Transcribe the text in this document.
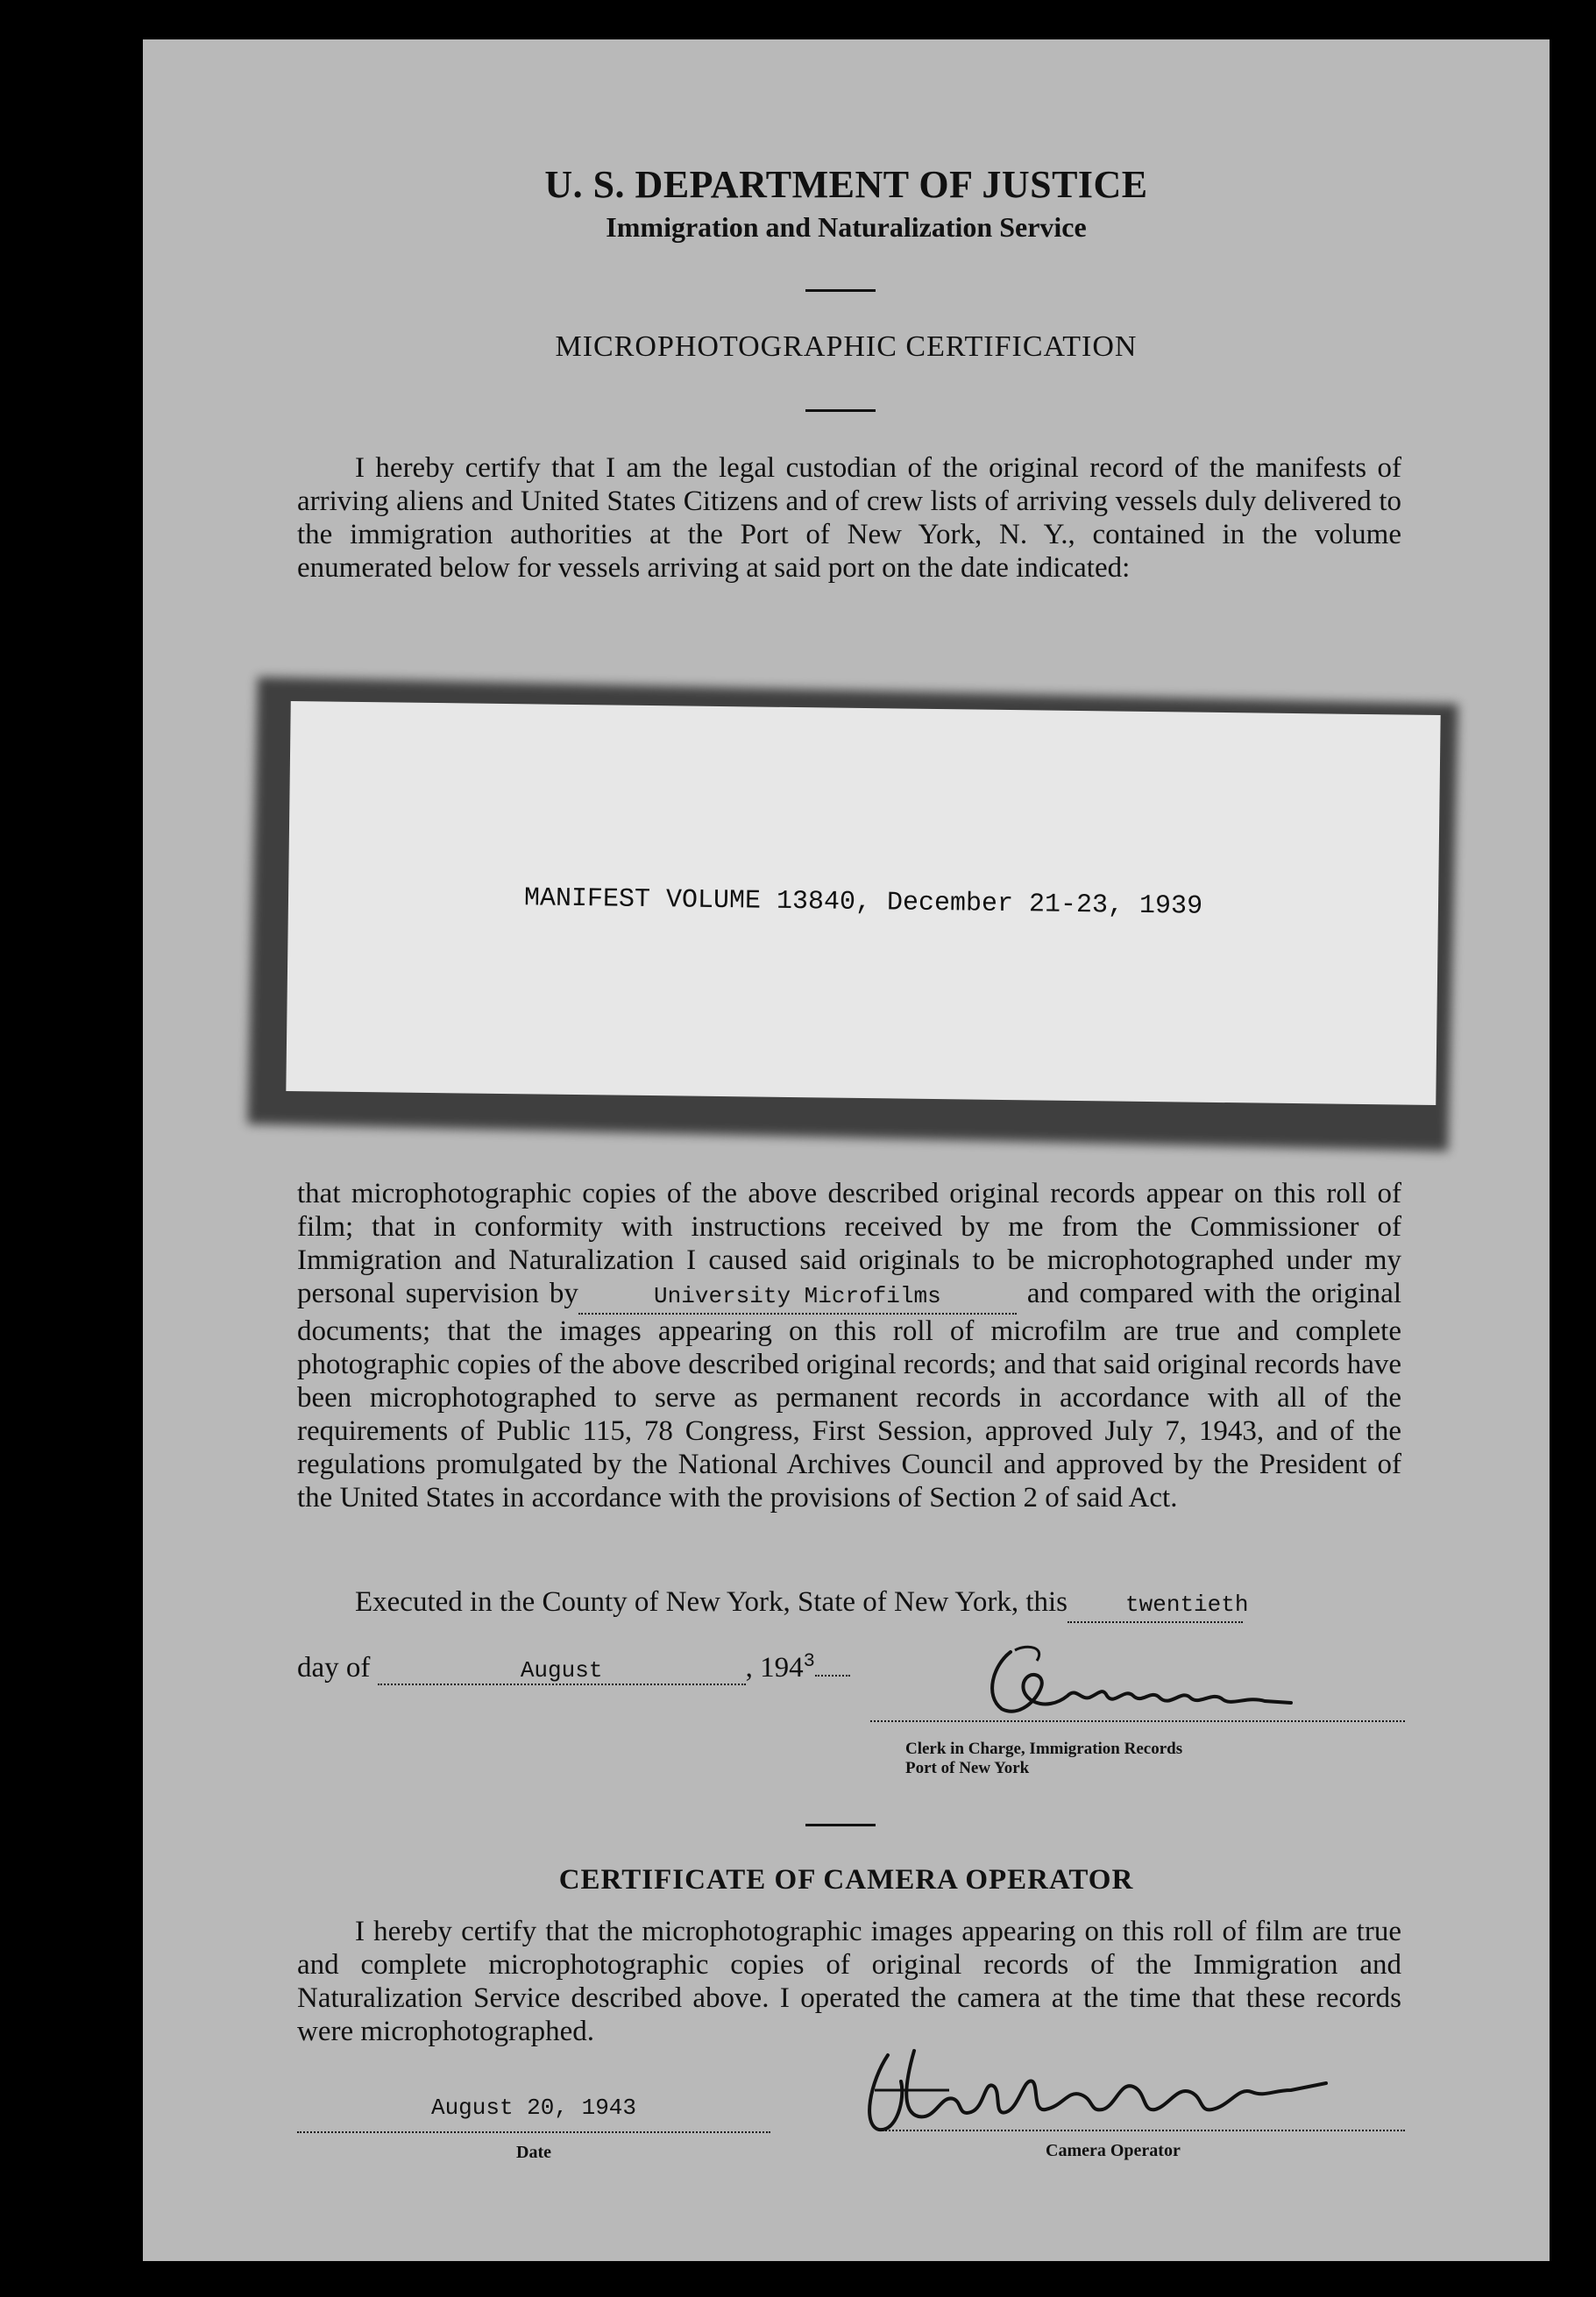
U. S. DEPARTMENT OF JUSTICE
Immigration and Naturalization Service
MICROPHOTOGRAPHIC CERTIFICATION
I hereby certify that I am the legal custodian of the original record of the manifests of arriving aliens and United States Citizens and of crew lists of arriving vessels duly delivered to the immigration authorities at the Port of New York, N. Y., contained in the volume enumerated below for vessels arriving at said port on the date indicated:
MANIFEST VOLUME 13840, December 21-23, 1939
that microphotographic copies of the above described original records appear on this roll of film; that in conformity with instructions received by me from the Commissioner of Immigration and Naturalization I caused said originals to be microphotographed under my personal supervision by	University Microfilms	and compared with the original documents; that the images appearing on this roll of microfilm are true and complete photographic copies of the above described original records; and that said original records have been microphotographed to serve as permanent records in accordance with all of the requirements of Public 115, 78 Congress, First Session, approved July 7, 1943, and of the regulations promulgated by the National Archives Council and approved by the President of the United States in accordance with the provisions of Section 2 of said Act.
Executed in the County of New York, State of New York, this	twentieth
day of	August	, $194^3$
Clerk in Charge, Immigration Records
Port of New York
CERTIFICATE OF CAMERA OPERATOR
I hereby certify that the microphotographic images appearing on this roll of film are true and complete microphotographic copies of original records of the Immigration and Naturalization Service described above. I operated the camera at the time that these records were microphotographed.
August 20, 1943
Date	Camera Operator
